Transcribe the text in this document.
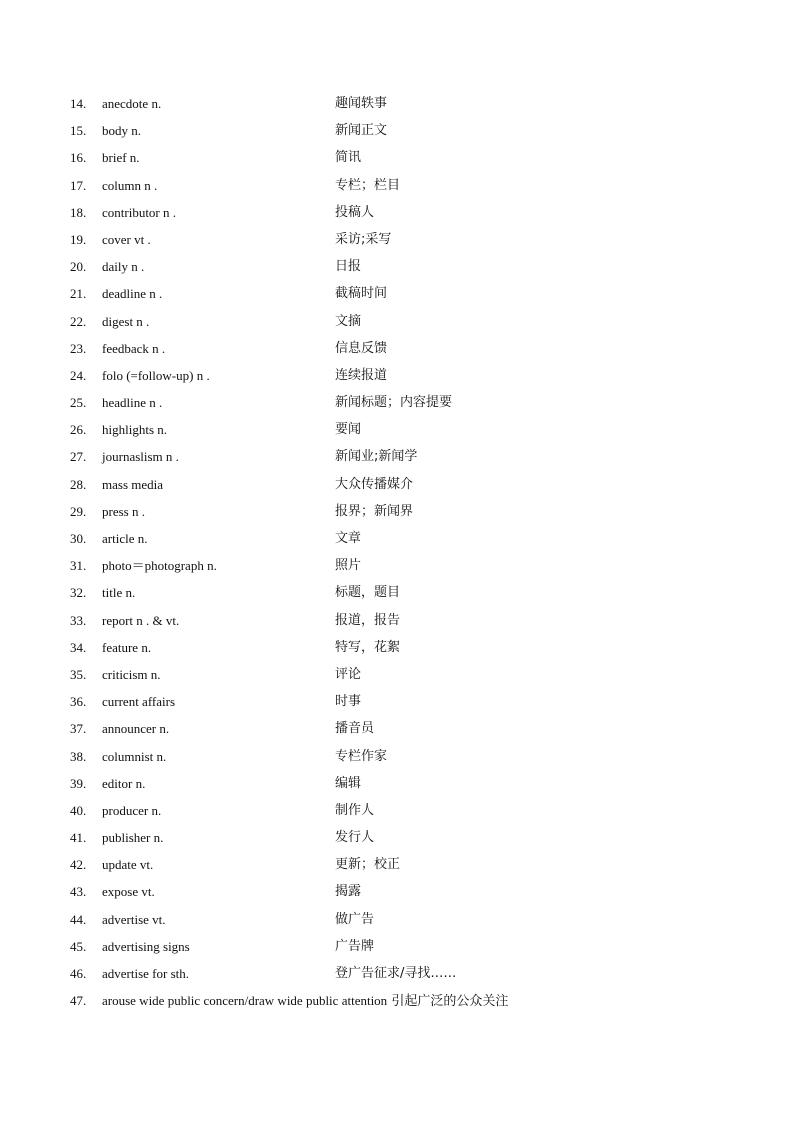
14.	anecdote n.	趣闻轶事
15.	body n.	新闻正文
16.	brief n.	简讯
17.	column n .	专栏；栏目
18.	contributor n .	投稿人
19.	cover vt .	采访;采写
20.	daily n .	日报
21.	deadline n .	截稿时间
22.	digest n .	文摘
23.	feedback n .	信息反馈
24.	folo (=follow-up) n .	连续报道
25.	headline n .	新闻标题；内容提要
26.	highlights n.	要闻
27.	journaslism n .	新闻业;新闻学
28.	mass media	大众传播媒介
29.	press n .	报界；新闻界
30.	article n.	文章
31.	photo＝photograph n.	照片
32.	title n.	标题，题目
33.	report n . & vt.	报道，报告
34.	feature n.	特写，花絮
35.	criticism n.	评论
36.	current affairs	时事
37.	announcer n.	播音员
38.	columnist n.	专栏作家
39.	editor n.	编辑
40.	producer n.	制作人
41.	publisher n.	发行人
42.	update vt.	更新；校正
43.	expose vt.	揭露
44.	advertise vt.	做广告
45.	advertising signs	广告牌
46.	advertise for sth.	登广告征求/寻找……
47.	arouse wide public concern/draw wide public attention 引起广泛的公众关注
